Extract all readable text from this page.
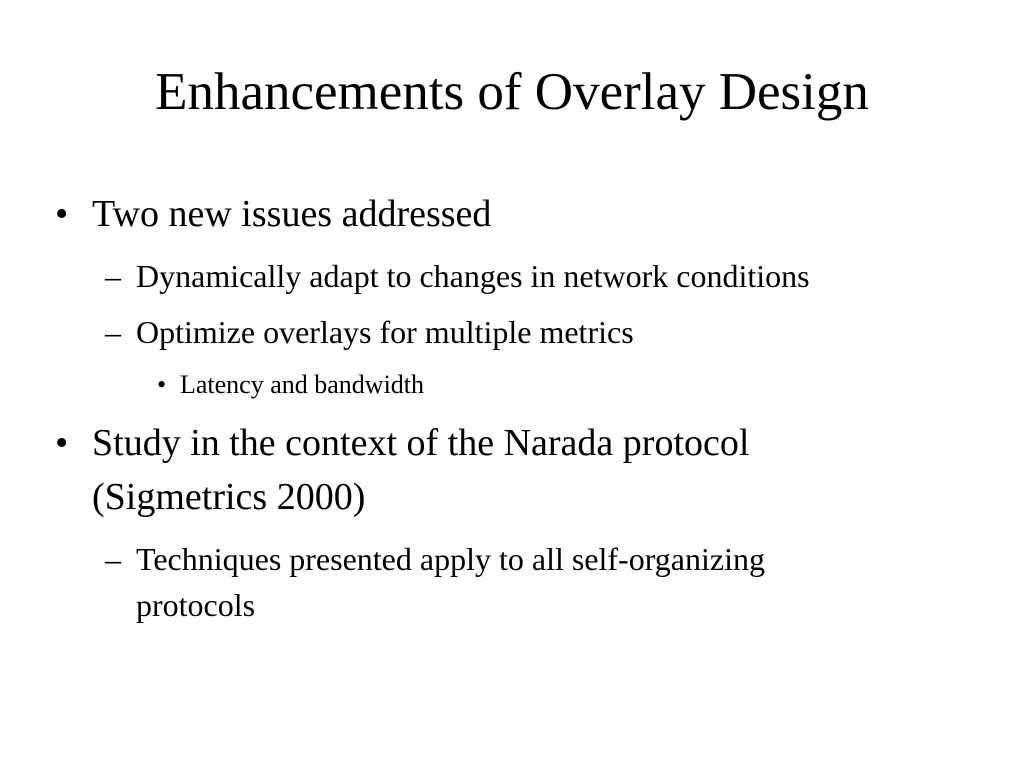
Enhancements of Overlay Design
• Two new issues addressed
– Dynamically adapt to changes in network conditions
– Optimize overlays for multiple metrics
• Latency and bandwidth
• Study in the context of the Narada protocol
(Sigmetrics 2000)
– Techniques presented apply to all self-organizing
protocols
